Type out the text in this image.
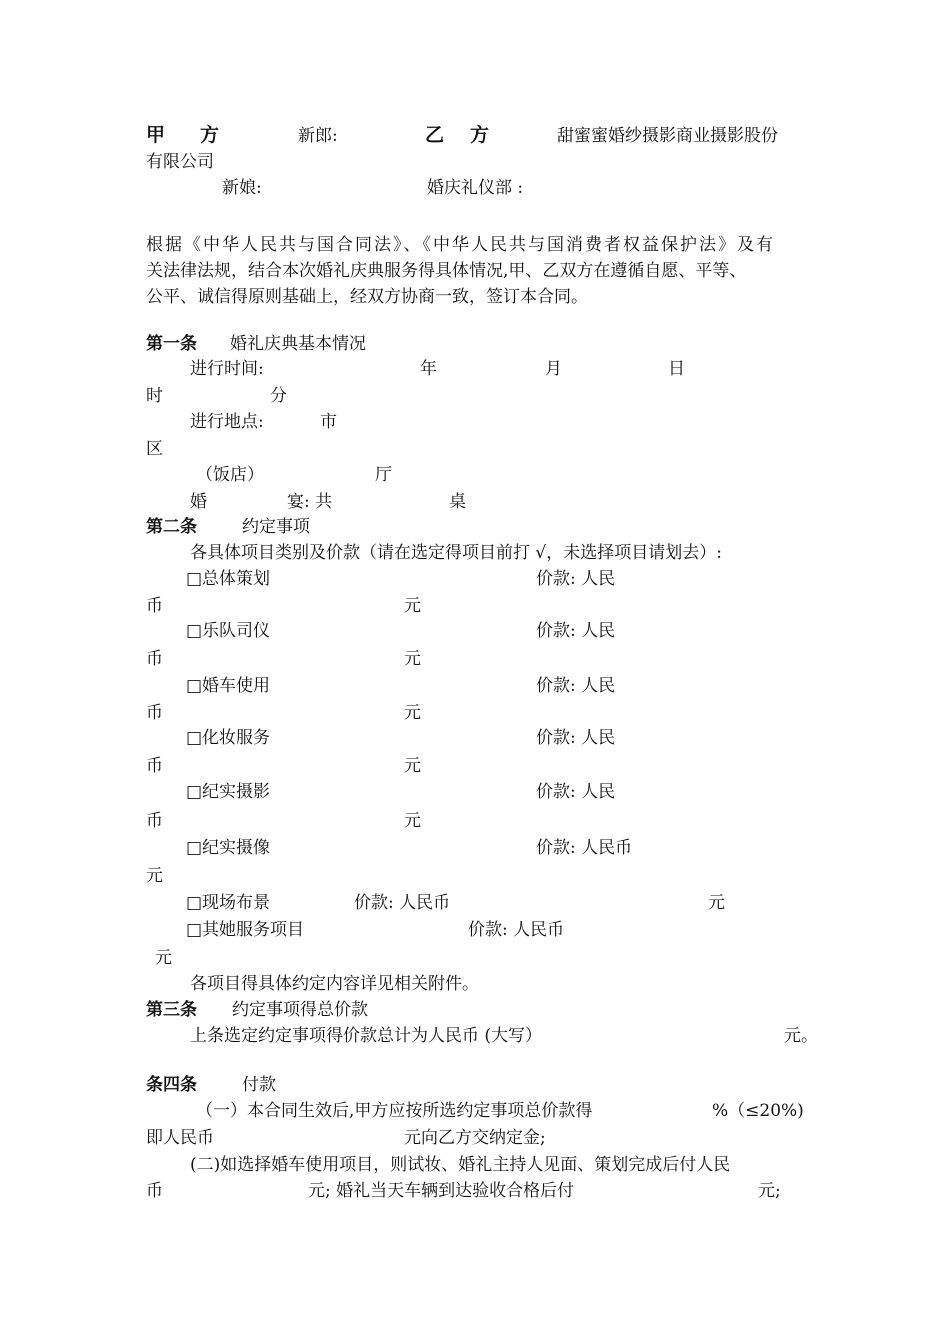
甲 方	新郎:	乙 方	甜蜜蜜婚纱摄影商业摄影股份
有限公司
新娘:	婚庆礼仪部 :
根据《中华人民共与国合同法》、《中华人民共与国消费者权益保护法》及有
关法律法规，结合本次婚礼庆典服务得具体情况,甲、乙双方在遵循自愿、平等、
公平、诚信得原则基础上，经双方协商一致，签订本合同。
第一条 婚礼庆典基本情况
进行时间:	年	月	日
时	分
进行地点:	市
区
（饭店）	厅
婚	宴: 共	桌
第二条	约定事项
各具体项目类别及价款（请在选定得项目前打 √，未选择项目请划去）:
□总体策划	价款: 人民
币	元
□乐队司仪	价款: 人民
币	元
□婚车使用	价款: 人民
币	元
□化妆服务	价款: 人民
币	元
□纪实摄影	价款: 人民
币	元
□纪实摄像	价款: 人民币
元
□现场布景	价款: 人民币	元
□其她服务项目	价款: 人民币
元
各项目得具体约定内容详见相关附件。
第三条 约定事项得总价款
上条选定约定事项得价款总计为人民币 (大写）	元。
条四条	付款
（一）本合同生效后,甲方应按所选约定事项总价款得	%（≤20%)
即人民币	元向乙方交纳定金;
(二)如选择婚车使用项目，则试妆、婚礼主持人见面、策划完成后付人民
币	元; 婚礼当天车辆到达验收合格后付	元;
